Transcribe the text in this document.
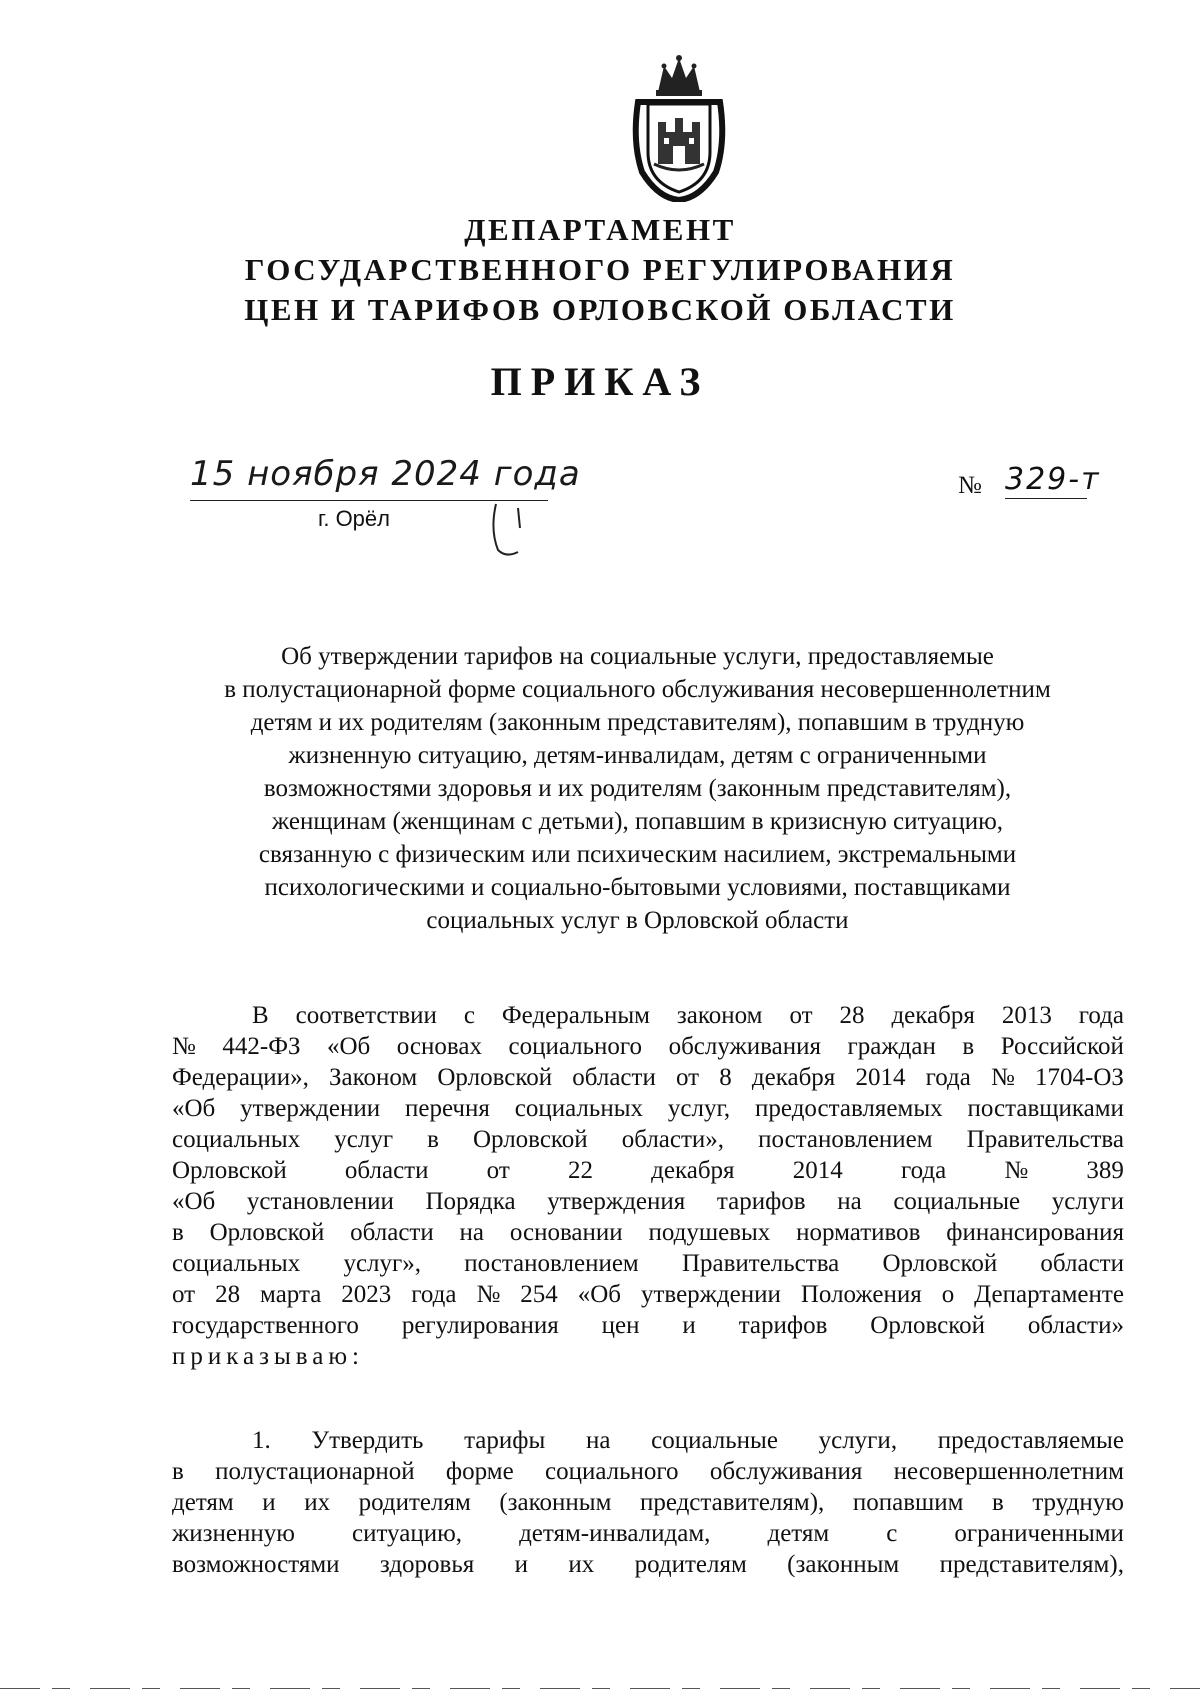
ДЕПАРТАМЕНТ
ГОСУДАРСТВЕННОГО РЕГУЛИРОВАНИЯ
ЦЕН И ТАРИФОВ ОРЛОВСКОЙ ОБЛАСТИ
ПРИКАЗ
15 ноября 2024 года
г. Орёл
№ 329-т
Об утверждении тарифов на социальные услуги, предоставляемые
в полустационарной форме социального обслуживания несовершеннолетним
детям и их родителям (законным представителям), попавшим в трудную
жизненную ситуацию, детям-инвалидам, детям с ограниченными
возможностями здоровья и их родителям (законным представителям),
женщинам (женщинам с детьми), попавшим в кризисную ситуацию,
связанную с физическим или психическим насилием, экстремальными
психологическими и социально-бытовыми условиями, поставщиками
социальных услуг в Орловской области
В соответствии с Федеральным законом от 28 декабря 2013 года
№ 442-ФЗ «Об основах социального обслуживания граждан в Российской
Федерации», Законом Орловской области от 8 декабря 2014 года № 1704-ОЗ
«Об утверждении перечня социальных услуг, предоставляемых поставщиками
социальных услуг в Орловской области», постановлением Правительства
Орловской области от 22 декабря 2014 года № 389
«Об установлении Порядка утверждения тарифов на социальные услуги
в Орловской области на основании подушевых нормативов финансирования
социальных услуг», постановлением Правительства Орловской области
от 28 марта 2023 года № 254 «Об утверждении Положения о Департаменте
государственного регулирования цен и тарифов Орловской области»
приказываю:
1. Утвердить тарифы на социальные услуги, предоставляемые
в полустационарной форме социального обслуживания несовершеннолетним
детям и их родителям (законным представителям), попавшим в трудную
жизненную ситуацию, детям-инвалидам, детям с ограниченными
возможностями здоровья и их родителям (законным представителям),
